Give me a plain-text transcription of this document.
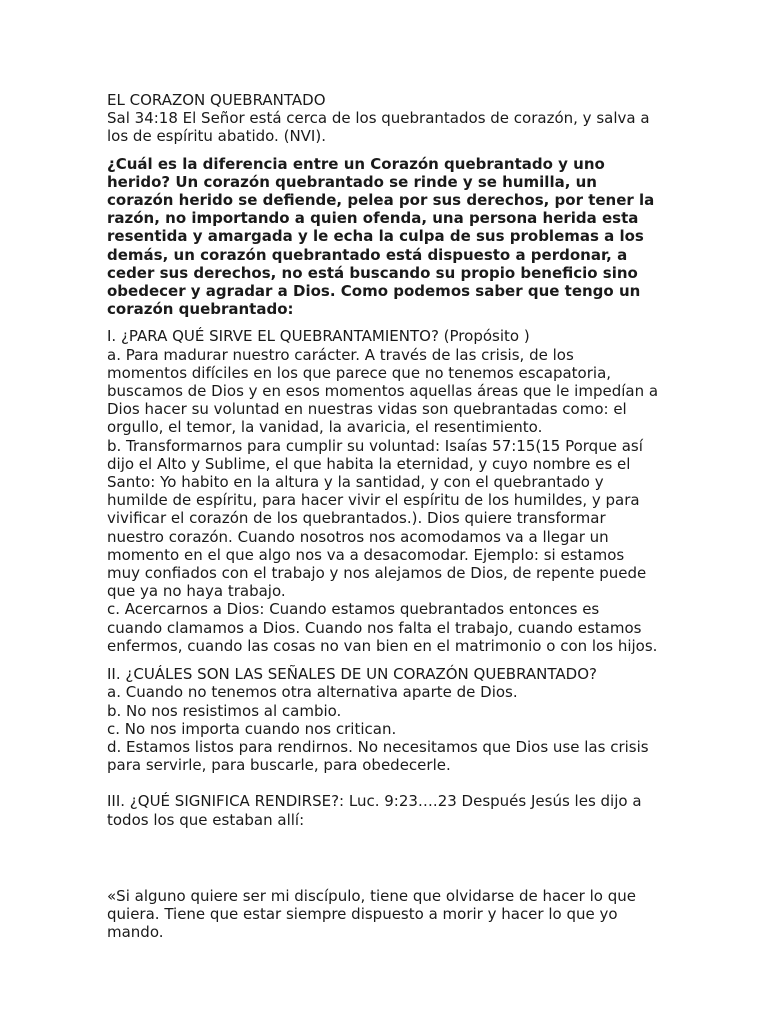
EL CORAZON QUEBRANTADO
Sal 34:18 El Señor está cerca de los quebrantados de corazón, y salva a
los de espíritu abatido. (NVI).
¿Cuál es la diferencia entre un Corazón quebrantado y uno
herido? Un corazón quebrantado se rinde y se humilla, un
corazón herido se defiende, pelea por sus derechos, por tener la
razón, no importando a quien ofenda, una persona herida esta
resentida y amargada y le echa la culpa de sus problemas a los
demás, un corazón quebrantado está dispuesto a perdonar, a
ceder sus derechos, no está buscando su propio beneficio sino
obedecer y agradar a Dios. Como podemos saber que tengo un
corazón quebrantado:
I. ¿PARA QUÉ SIRVE EL QUEBRANTAMIENTO? (Propósito )
a. Para madurar nuestro carácter. A través de las crisis, de los
momentos difíciles en los que parece que no tenemos escapatoria,
buscamos de Dios y en esos momentos aquellas áreas que le impedían a
Dios hacer su voluntad en nuestras vidas son quebrantadas como: el
orgullo, el temor, la vanidad, la avaricia, el resentimiento.
b. Transformarnos para cumplir su voluntad: Isaías 57:15(15 Porque así
dijo el Alto y Sublime, el que habita la eternidad, y cuyo nombre es el
Santo: Yo habito en la altura y la santidad, y con el quebrantado y
humilde de espíritu, para hacer vivir el espíritu de los humildes, y para
vivificar el corazón de los quebrantados.). Dios quiere transformar
nuestro corazón. Cuando nosotros nos acomodamos va a llegar un
momento en el que algo nos va a desacomodar. Ejemplo: si estamos
muy confiados con el trabajo y nos alejamos de Dios, de repente puede
que ya no haya trabajo.
c. Acercarnos a Dios: Cuando estamos quebrantados entonces es
cuando clamamos a Dios. Cuando nos falta el trabajo, cuando estamos
enfermos, cuando las cosas no van bien en el matrimonio o con los hijos.
II. ¿CUÁLES SON LAS SEÑALES DE UN CORAZÓN QUEBRANTADO?
a. Cuando no tenemos otra alternativa aparte de Dios.
b. No nos resistimos al cambio.
c. No nos importa cuando nos critican.
d. Estamos listos para rendirnos. No necesitamos que Dios use las crisis
para servirle, para buscarle, para obedecerle.
III. ¿QUÉ SIGNIFICA RENDIRSE?: Luc. 9:23….23 Después Jesús les dijo a
todos los que estaban allí:
«Si alguno quiere ser mi discípulo, tiene que olvidarse de hacer lo que
quiera. Tiene que estar siempre dispuesto a morir y hacer lo que yo
mando.
